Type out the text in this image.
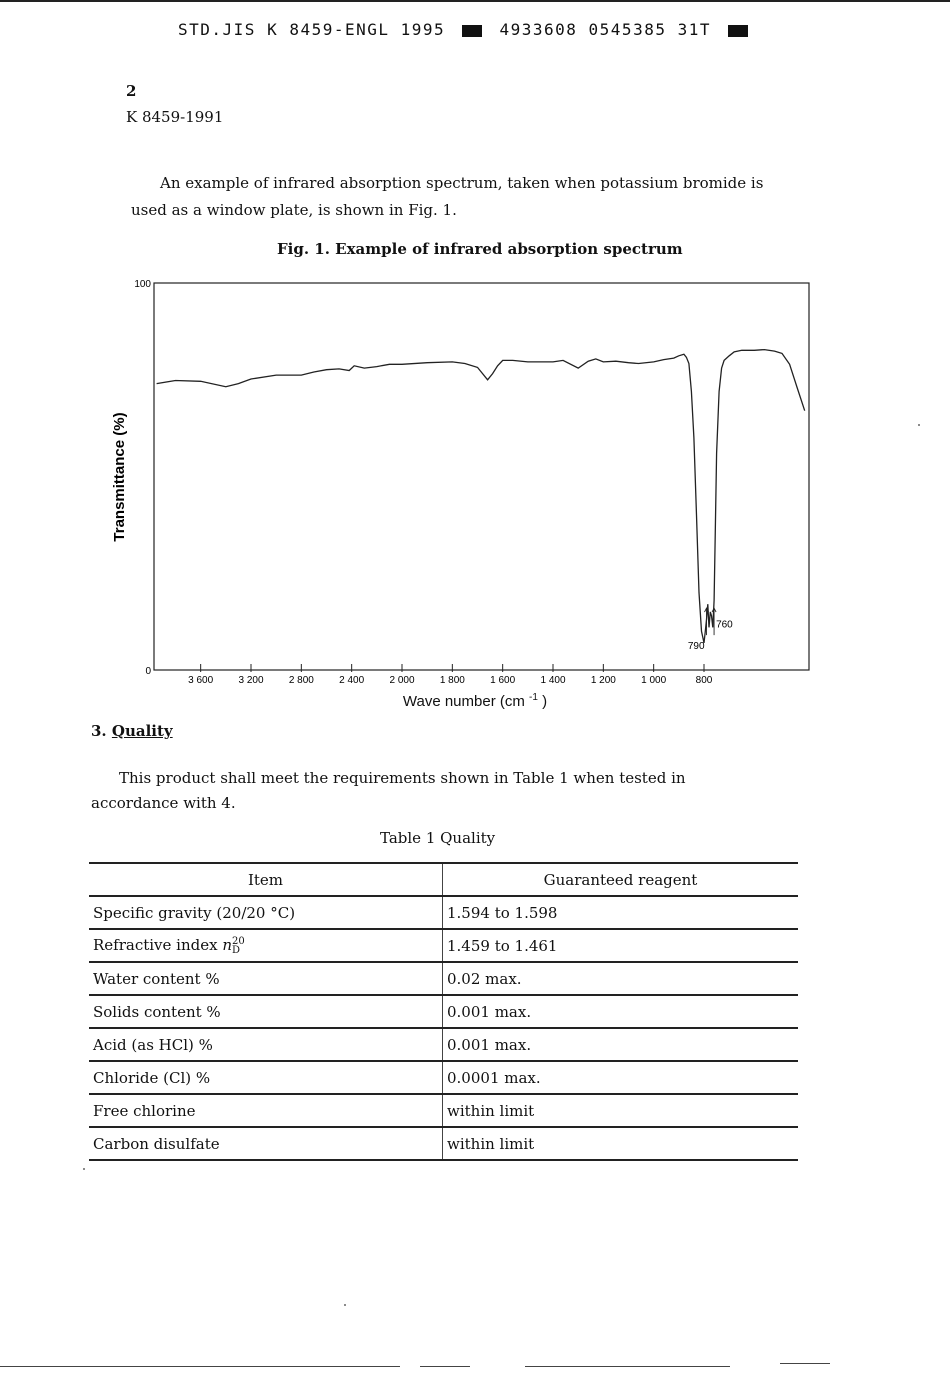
STD.JIS K 8459-ENGL 1995	4933608 0545385 31T
2
K 8459-1991
An example of infrared absorption spectrum, taken when potassium bromide is
used as a window plate, is shown in Fig. 1.
Fig. 1. Example of infrared absorption spectrum
0
100
3 600	3 200	2 800	2 400	2 000	1 800	1 600	1 400	1 200	1 000	800
790
760
Transmittance (%)
Wave number (cm $^{-1}$ )
3. Quality
This product shall meet the requirements shown in Table 1 when tested in
accordance with 4.
Table 1 Quality
Item	Guaranteed reagent
Specific gravity (20/20 °C)	1.594 to 1.598
Refractive index n 20
D	1.459 to 1.461
Water content %	0.02 max.
Solids content %	0.001 max.
Acid (as HCl) %	0.001 max.
Chloride (Cl) %	0.0001 max.
Free chlorine	within limit
Carbon disulfate	within limit
